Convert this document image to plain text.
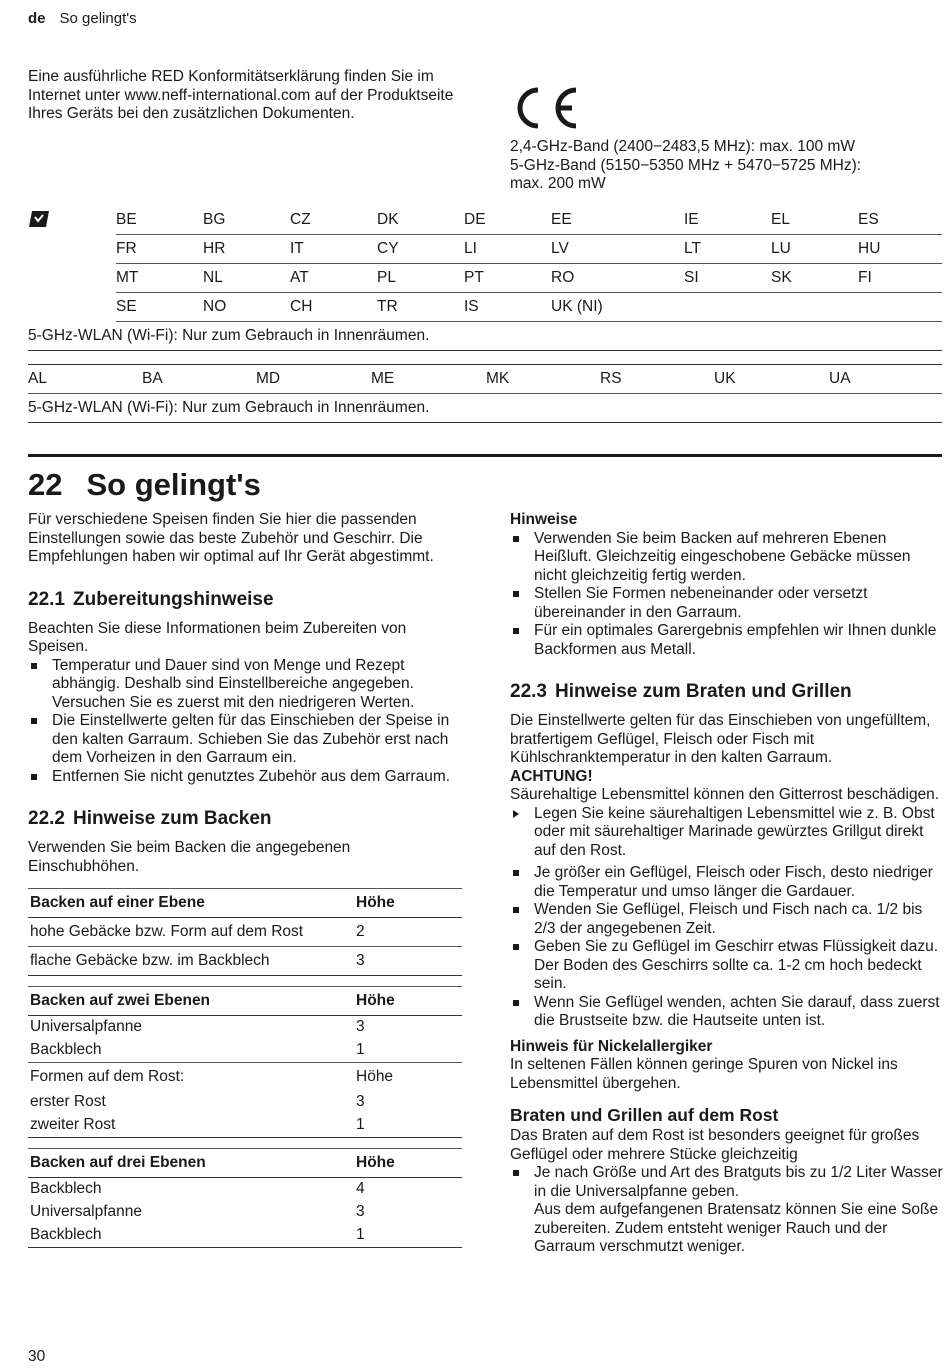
de So gelingt's

Eine ausführliche RED Konformitätserklärung finden Sie im Internet unter www.neff-international.com auf der Produktseite Ihres Geräts bei den zusätzlichen Dokumenten.

2,4-GHz-Band (2400−2483,5 MHz): max. 100 mW
5-GHz-Band (5150−5350 MHz + 5470−5725 MHz):
max. 200 mW
	BE	BG	CZ	DK	DE	EE	IE	EL	ES
	FR	HR	IT	CY	LI	LV	LT	LU	HU
	MT	NL	AT	PL	PT	RO	SI	SK	FI
	SE	NO	CH	TR	IS	UK (NI)			
5-GHz-WLAN (Wi-Fi): Nur zum Gebrauch in Innenräumen.									
AL	BA	MD	ME	MK	RS	UK	UA
5-GHz-WLAN (Wi-Fi): Nur zum Gebrauch in Innenräumen.
22 So gelingt's

Für verschiedene Speisen finden Sie hier die passenden Einstellungen sowie das beste Zubehör und Geschirr. Die Empfehlungen haben wir optimal auf Ihr Gerät abgestimmt.

22.1 Zubereitungshinweise

Beachten Sie diese Informationen beim Zubereiten von Speisen.

Temperatur und Dauer sind von Menge und Rezept abhängig. Deshalb sind Einstellbereiche angegeben. Versuchen Sie es zuerst mit den niedrigeren Werten.
Die Einstellwerte gelten für das Einschieben der Speise in den kalten Garraum. Schieben Sie das Zubehör erst nach dem Vorheizen in den Garraum ein.
Entfernen Sie nicht genutztes Zubehör aus dem Garraum.
22.2 Hinweise zum Backen

Verwenden Sie beim Backen die angegebenen Einschubhöhen.

Backen auf einer Ebene	Höhe
hohe Gebäcke bzw. Form auf dem Rost	2
flache Gebäcke bzw. im Backblech	3

Backen auf zwei Ebenen	Höhe
Universalpfanne	3
Backblech	1
Formen auf dem Rost:	Höhe
erster Rost	3
zweiter Rost	1

Backen auf drei Ebenen	Höhe
Backblech	4
Universalpfanne	3
Backblech	1
Hinweise
Verwenden Sie beim Backen auf mehreren Ebenen Heißluft. Gleichzeitig eingeschobene Gebäcke müssen nicht gleichzeitig fertig werden.
Stellen Sie Formen nebeneinander oder versetzt übereinander in den Garraum.
Für ein optimales Garergebnis empfehlen wir Ihnen dunkle Backformen aus Metall.
22.3 Hinweise zum Braten und Grillen

Die Einstellwerte gelten für das Einschieben von ungefülltem, bratfertigem Geflügel, Fleisch oder Fisch mit Kühlschranktemperatur in den kalten Garraum.

ACHTUNG!

Säurehaltige Lebensmittel können den Gitterrost beschädigen.

Legen Sie keine säurehaltigen Lebensmittel wie z. B. Obst oder mit säurehaltiger Marinade gewürztes Grillgut direkt auf den Rost.
Je größer ein Geflügel, Fleisch oder Fisch, desto niedriger die Temperatur und umso länger die Gardauer.
Wenden Sie Geflügel, Fleisch und Fisch nach ca. 1/2 bis 2/3 der angegebenen Zeit.
Geben Sie zu Geflügel im Geschirr etwas Flüssigkeit dazu. Der Boden des Geschirrs sollte ca. 1-2 cm hoch bedeckt sein.
Wenn Sie Geflügel wenden, achten Sie darauf, dass zuerst die Brustseite bzw. die Hautseite unten ist.
Hinweis für Nickelallergiker

In seltenen Fällen können geringe Spuren von Nickel ins Lebensmittel übergehen.

Braten und Grillen auf dem Rost

Das Braten auf dem Rost ist besonders geeignet für großes Geflügel oder mehrere Stücke gleichzeitig

Je nach Größe und Art des Bratguts bis zu 1/2 Liter Wasser in die Universalpfanne geben.
Aus dem aufgefangenen Bratensatz können Sie eine Soße zubereiten. Zudem entsteht weniger Rauch und der Garraum verschmutzt weniger.
30
